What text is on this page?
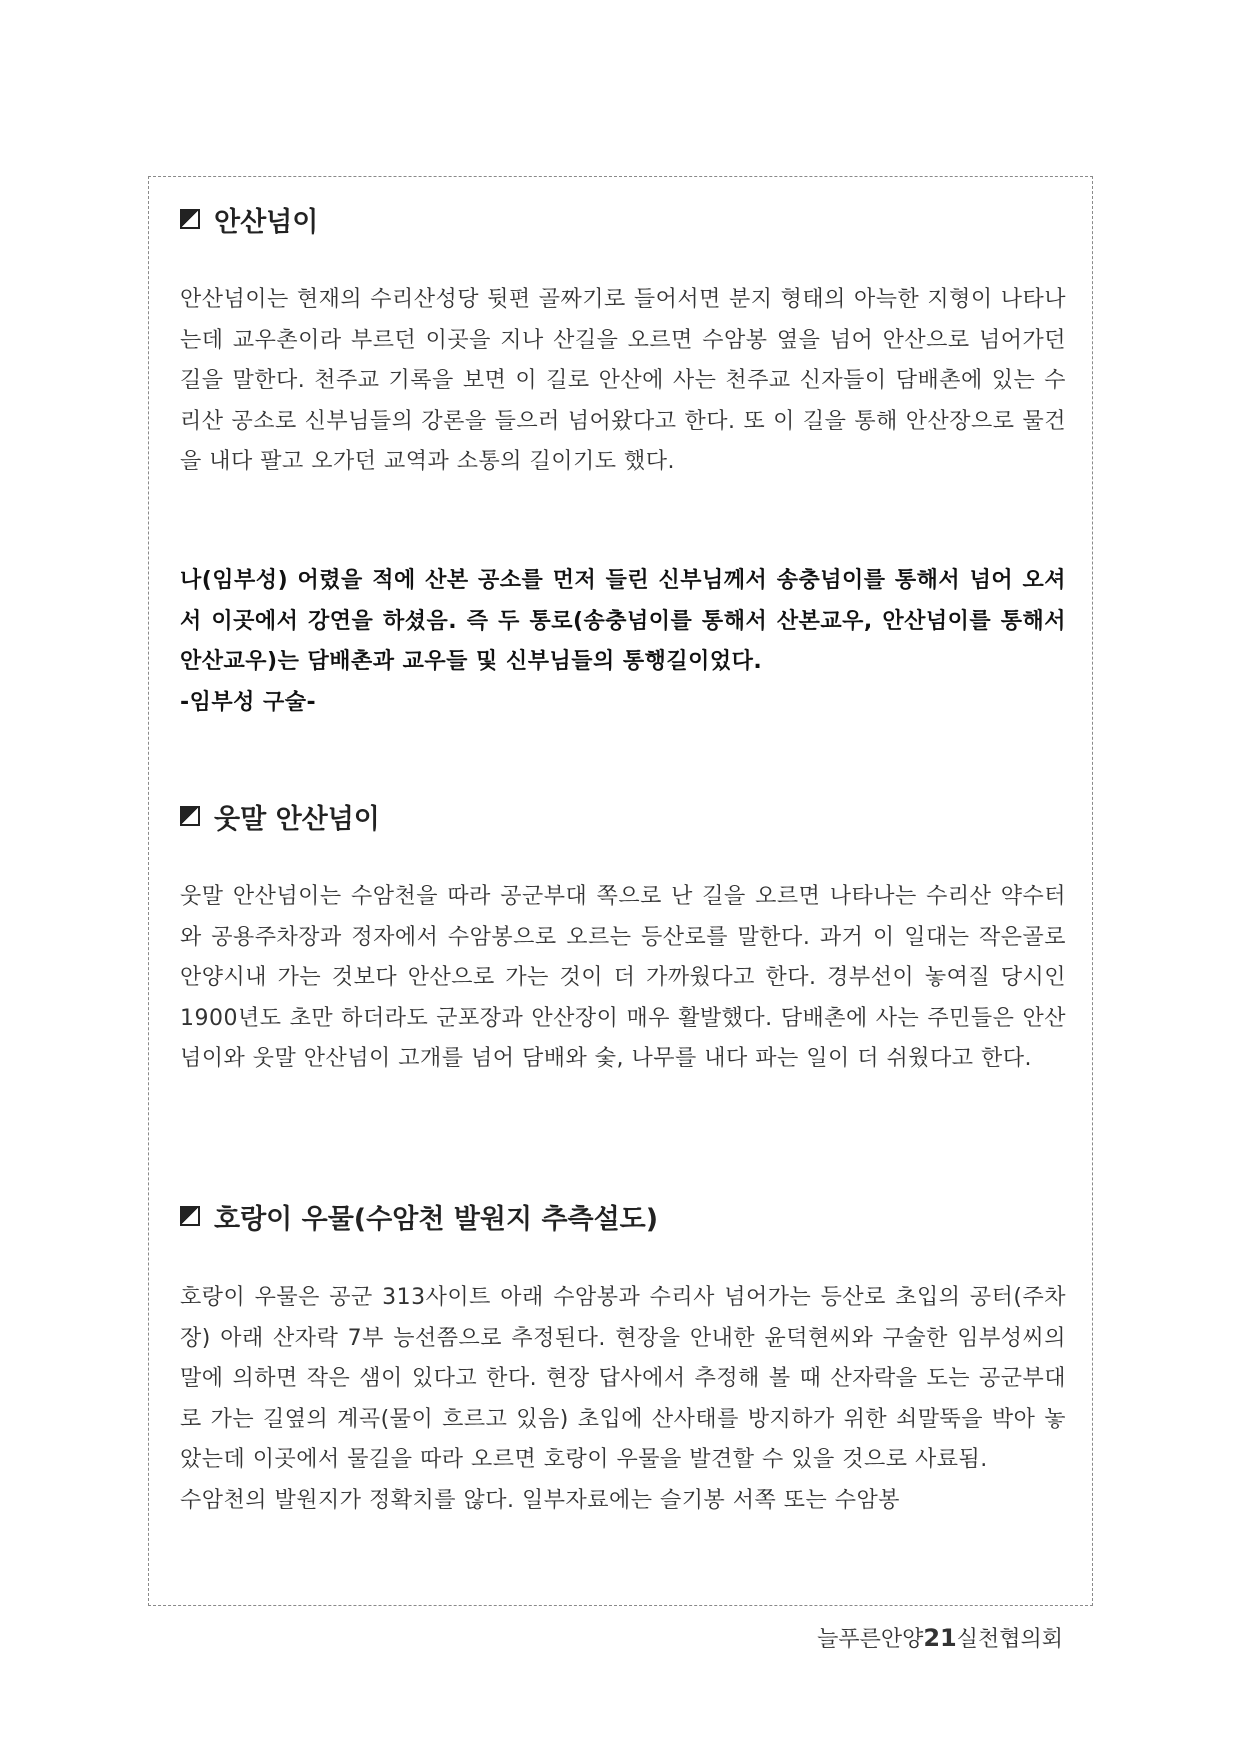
안산넘이
안산넘이는 현재의 수리산성당 뒷편 골짜기로 들어서면 분지 형태의 아늑한 지형이 나타나는데 교우촌이라 부르던 이곳을 지나 산길을 오르면 수암봉 옆을 넘어 안산으로 넘어가던 길을 말한다. 천주교 기록을 보면 이 길로 안산에 사는 천주교 신자들이 담배촌에 있는 수리산 공소로 신부님들의 강론을 들으러 넘어왔다고 한다. 또 이 길을 통해 안산장으로 물건을 내다 팔고 오가던 교역과 소통의 길이기도 했다.
나(임부성) 어렸을 적에 산본 공소를 먼저 들린 신부님께서 송충넘이를 통해서 넘어 오셔서 이곳에서 강연을 하셨음. 즉 두 통로(송충넘이를 통해서 산본교우, 안산넘이를 통해서 안산교우)는 담배촌과 교우들 및 신부님들의 통행길이었다.
-임부성 구술-
웃말 안산넘이
웃말 안산넘이는 수암천을 따라 공군부대 쪽으로 난 길을 오르면 나타나는 수리산 약수터와 공용주차장과 정자에서 수암봉으로 오르는 등산로를 말한다. 과거 이 일대는 작은골로 안양시내 가는 것보다 안산으로 가는 것이 더 가까웠다고 한다. 경부선이 놓여질 당시인 1900년도 초만 하더라도 군포장과 안산장이 매우 활발했다. 담배촌에 사는 주민들은 안산넘이와 웃말 안산넘이 고개를 넘어 담배와 숯, 나무를 내다 파는 일이 더 쉬웠다고 한다.
호랑이 우물(수암천 발원지 추측설도)
호랑이 우물은 공군 313사이트 아래 수암봉과 수리사 넘어가는 등산로 초입의 공터(주차장) 아래 산자락 7부 능선쯤으로 추정된다. 현장을 안내한 윤덕현씨와 구술한 임부성씨의 말에 의하면 작은 샘이 있다고 한다. 현장 답사에서 추정해 볼 때 산자락을 도는 공군부대로 가는 길옆의 계곡(물이 흐르고 있음) 초입에 산사태를 방지하가 위한 쇠말뚝을 박아 놓았는데 이곳에서 물길을 따라 오르면 호랑이 우물을 발견할 수 있을 것으로 사료됨.
수암천의 발원지가 정확치를 않다. 일부자료에는 슬기봉 서쪽 또는 수암봉
늘푸른안양21실천협의회
